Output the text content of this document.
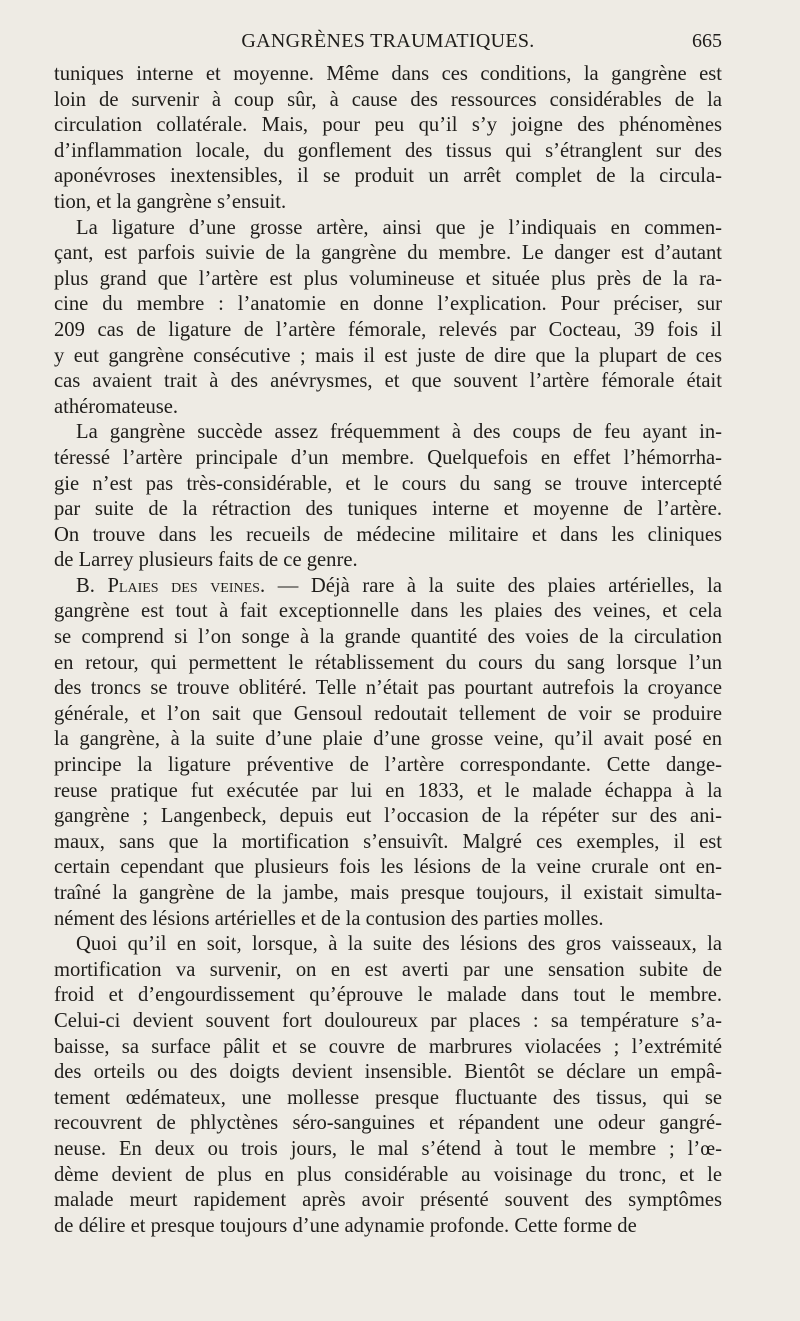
GANGRÈNES TRAUMATIQUES.	665
tuniques interne et moyenne. Même dans ces conditions, la gangrène est
loin de survenir à coup sûr, à cause des ressources considérables de la
circulation collatérale. Mais, pour peu qu’il s’y joigne des phénomènes
d’inflammation locale, du gonflement des tissus qui s’étranglent sur des
aponévroses inextensibles, il se produit un arrêt complet de la circula-
tion, et la gangrène s’ensuit.
La ligature d’une grosse artère, ainsi que je l’indiquais en commen-
çant, est parfois suivie de la gangrène du membre. Le danger est d’autant
plus grand que l’artère est plus volumineuse et située plus près de la ra-
cine du membre : l’anatomie en donne l’explication. Pour préciser, sur
209 cas de ligature de l’artère fémorale, relevés par Cocteau, 39 fois il
y eut gangrène consécutive ; mais il est juste de dire que la plupart de ces
cas avaient trait à des anévrysmes, et que souvent l’artère fémorale était
athéromateuse.
La gangrène succède assez fréquemment à des coups de feu ayant in-
téressé l’artère principale d’un membre. Quelquefois en effet l’hémorrha-
gie n’est pas très-considérable, et le cours du sang se trouve intercepté
par suite de la rétraction des tuniques interne et moyenne de l’artère.
On trouve dans les recueils de médecine militaire et dans les cliniques
de Larrey plusieurs faits de ce genre.
B. Plaies des veines. — Déjà rare à la suite des plaies artérielles, la
gangrène est tout à fait exceptionnelle dans les plaies des veines, et cela
se comprend si l’on songe à la grande quantité des voies de la circulation
en retour, qui permettent le rétablissement du cours du sang lorsque l’un
des troncs se trouve oblitéré. Telle n’était pas pourtant autrefois la croyance
générale, et l’on sait que Gensoul redoutait tellement de voir se produire
la gangrène, à la suite d’une plaie d’une grosse veine, qu’il avait posé en
principe la ligature préventive de l’artère correspondante. Cette dange-
reuse pratique fut exécutée par lui en 1833, et le malade échappa à la
gangrène ; Langenbeck, depuis eut l’occasion de la répéter sur des ani-
maux, sans que la mortification s’ensuivît. Malgré ces exemples, il est
certain cependant que plusieurs fois les lésions de la veine crurale ont en-
traîné la gangrène de la jambe, mais presque toujours, il existait simulta-
nément des lésions artérielles et de la contusion des parties molles.
Quoi qu’il en soit, lorsque, à la suite des lésions des gros vaisseaux, la
mortification va survenir, on en est averti par une sensation subite de
froid et d’engourdissement qu’éprouve le malade dans tout le membre.
Celui-ci devient souvent fort douloureux par places : sa température s’a-
baisse, sa surface pâlit et se couvre de marbrures violacées ; l’extrémité
des orteils ou des doigts devient insensible. Bientôt se déclare un empâ-
tement œdémateux, une mollesse presque fluctuante des tissus, qui se
recouvrent de phlyctènes séro-sanguines et répandent une odeur gangré-
neuse. En deux ou trois jours, le mal s’étend à tout le membre ; l’œ-
dème devient de plus en plus considérable au voisinage du tronc, et le
malade meurt rapidement après avoir présenté souvent des symptômes
de délire et presque toujours d’une adynamie profonde. Cette forme de
